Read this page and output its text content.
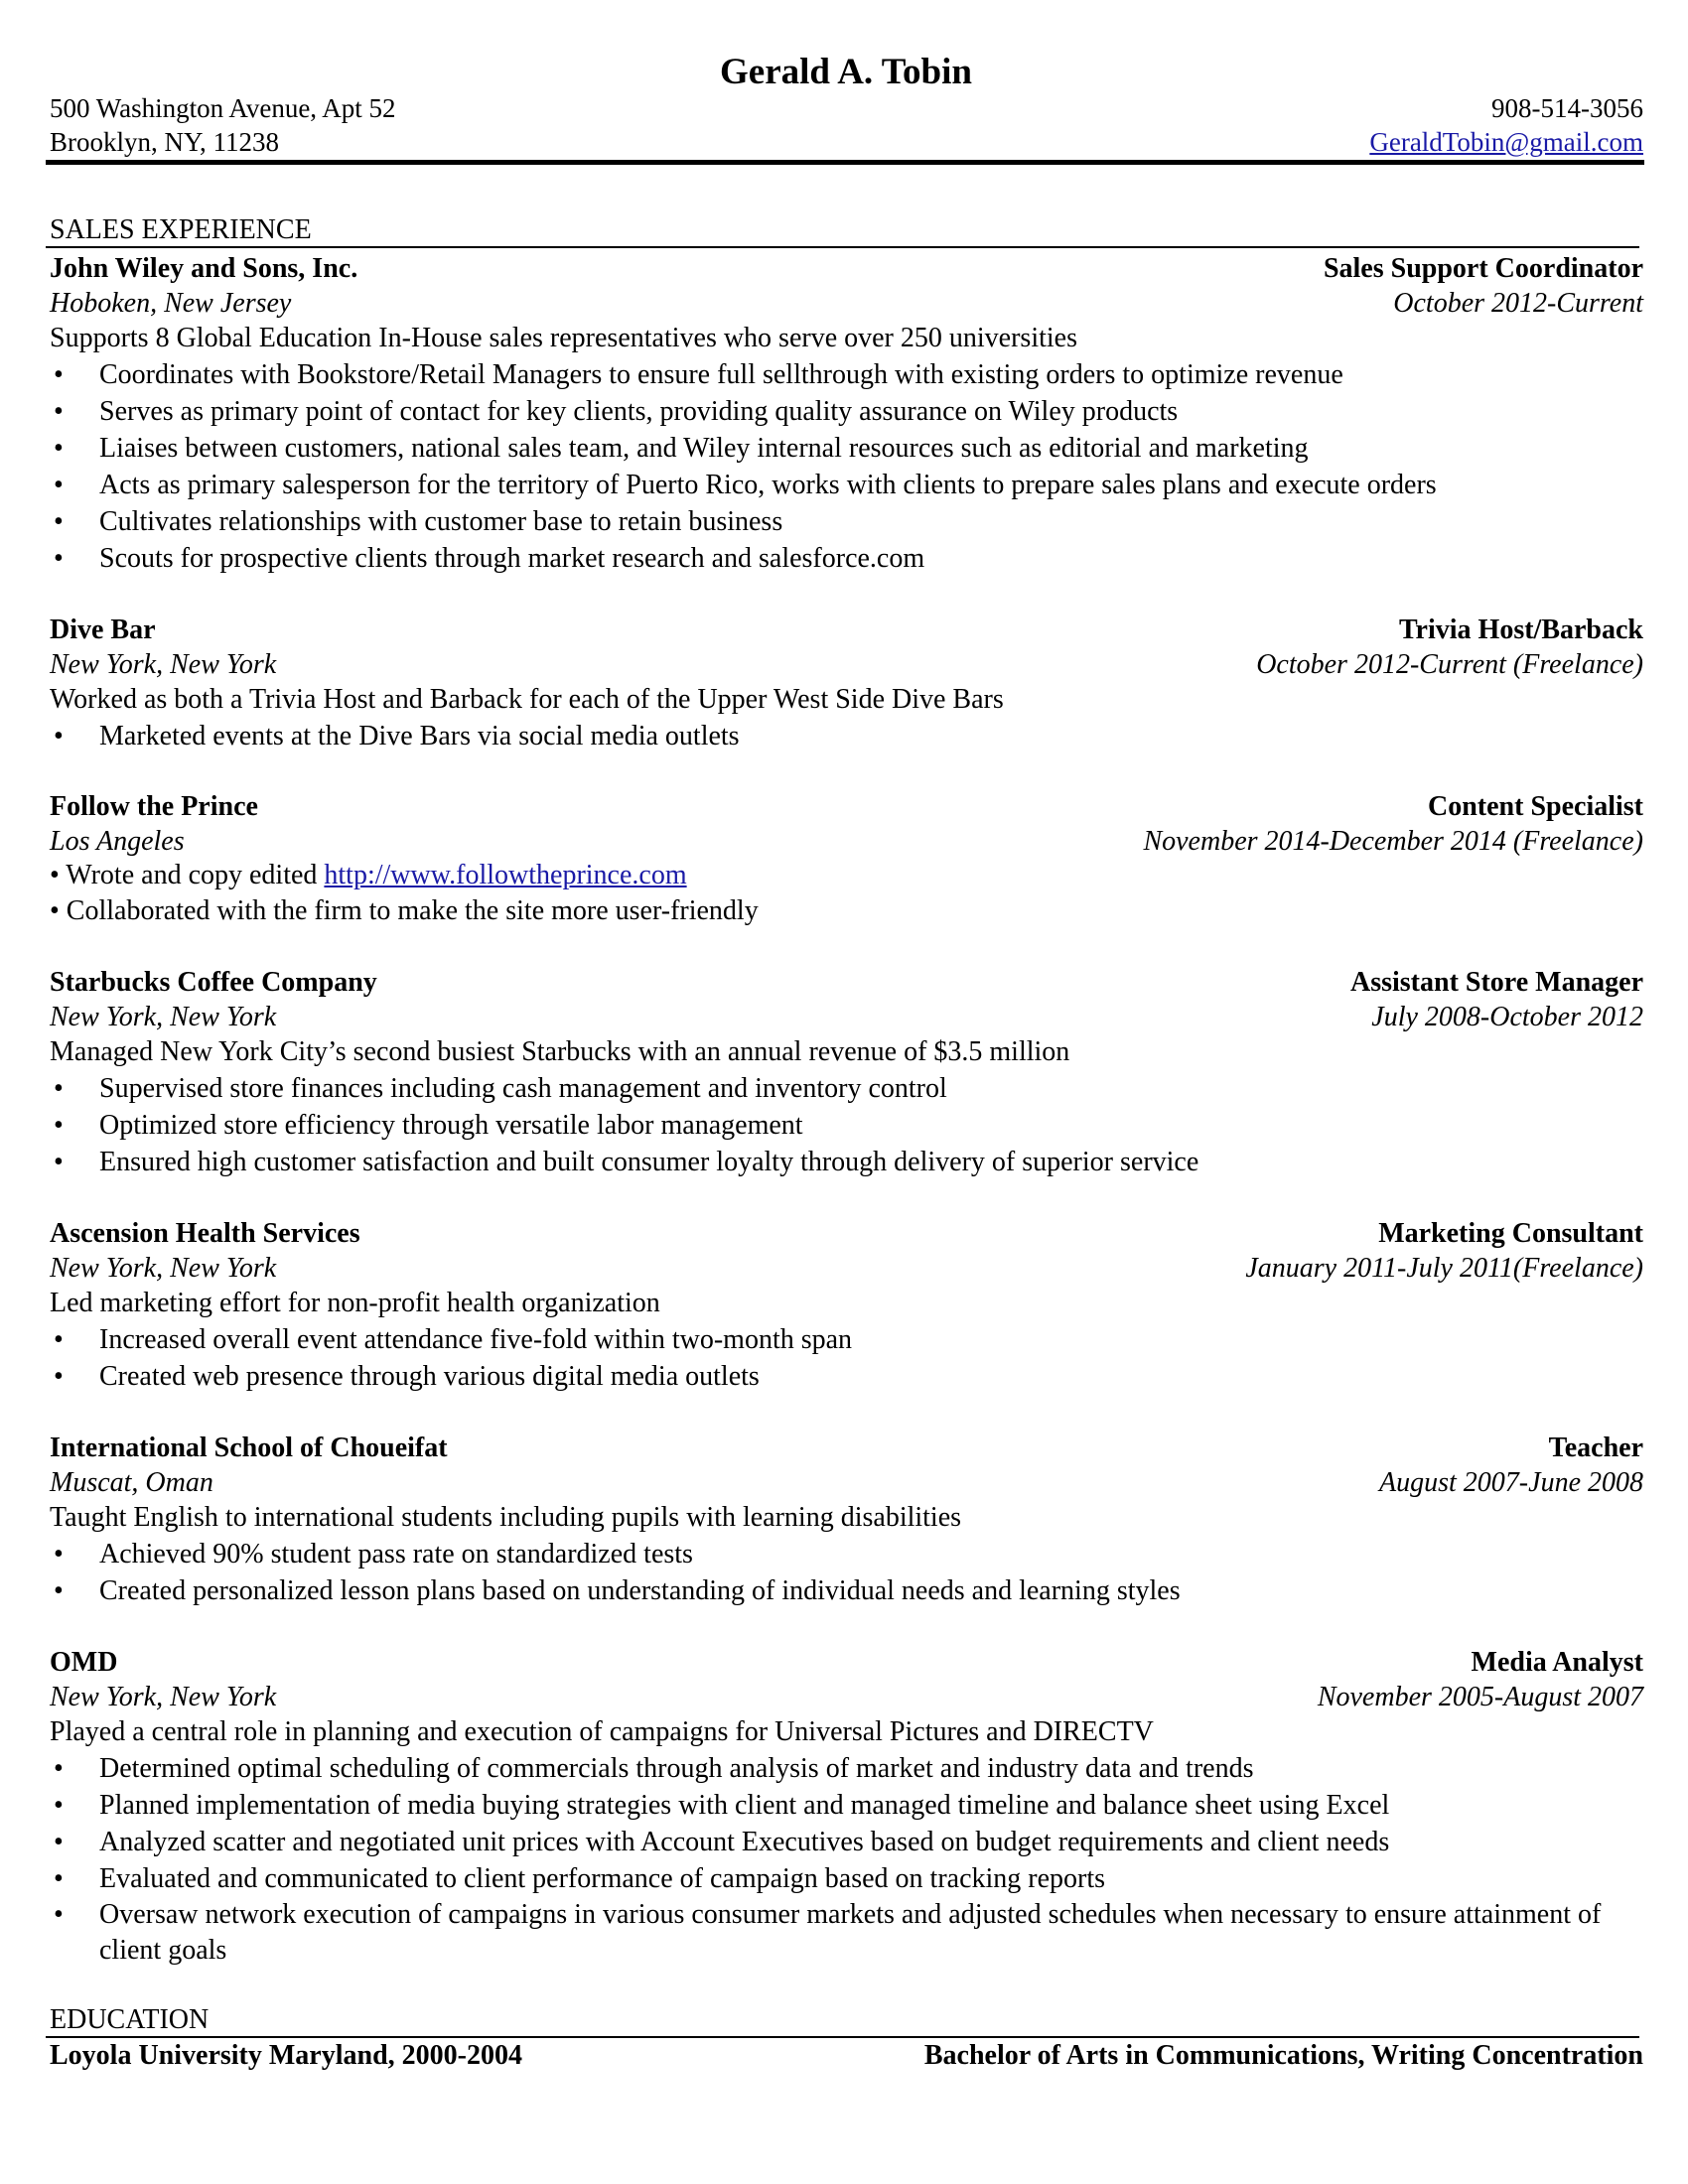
Gerald A. Tobin
500 Washington Avenue, Apt 52
Brooklyn, NY, 11238
908-514-3056
GeraldTobin@gmail.com
SALES EXPERIENCE
John Wiley and Sons, Inc.	Sales Support Coordinator
Hoboken, New Jersey	October 2012-Current
Supports 8 Global Education In-House sales representatives who serve over 250 universities
• Coordinates with Bookstore/Retail Managers to ensure full sellthrough with existing orders to optimize revenue
• Serves as primary point of contact for key clients, providing quality assurance on Wiley products
• Liaises between customers, national sales team, and Wiley internal resources such as editorial and marketing
• Acts as primary salesperson for the territory of Puerto Rico, works with clients to prepare sales plans and execute orders
• Cultivates relationships with customer base to retain business
• Scouts for prospective clients through market research and salesforce.com
Dive Bar	Trivia Host/Barback
New York, New York	October 2012-Current (Freelance)
Worked as both a Trivia Host and Barback for each of the Upper West Side Dive Bars
• Marketed events at the Dive Bars via social media outlets
Follow the Prince	Content Specialist
Los Angeles	November 2014-December 2014 (Freelance)
• Wrote and copy edited http://www.followtheprince.com
• Collaborated with the firm to make the site more user-friendly
Starbucks Coffee Company	Assistant Store Manager
New York, New York	July 2008-October 2012
Managed New York City’s second busiest Starbucks with an annual revenue of $3.5 million
• Supervised store finances including cash management and inventory control
• Optimized store efficiency through versatile labor management
• Ensured high customer satisfaction and built consumer loyalty through delivery of superior service
Ascension Health Services	Marketing Consultant
New York, New York	January 2011-July 2011(Freelance)
Led marketing effort for non-profit health organization
• Increased overall event attendance five-fold within two-month span
• Created web presence through various digital media outlets
International School of Choueifat	Teacher
Muscat, Oman	August 2007-June 2008
Taught English to international students including pupils with learning disabilities
• Achieved 90% student pass rate on standardized tests
• Created personalized lesson plans based on understanding of individual needs and learning styles
OMD	Media Analyst
New York, New York	November 2005-August 2007
Played a central role in planning and execution of campaigns for Universal Pictures and DIRECTV
• Determined optimal scheduling of commercials through analysis of market and industry data and trends
• Planned implementation of media buying strategies with client and managed timeline and balance sheet using Excel
• Analyzed scatter and negotiated unit prices with Account Executives based on budget requirements and client needs
• Evaluated and communicated to client performance of campaign based on tracking reports
• Oversaw network execution of campaigns in various consumer markets and adjusted schedules when necessary to ensure attainment of client goals
EDUCATION
Loyola University Maryland, 2000-2004	Bachelor of Arts in Communications, Writing Concentration
